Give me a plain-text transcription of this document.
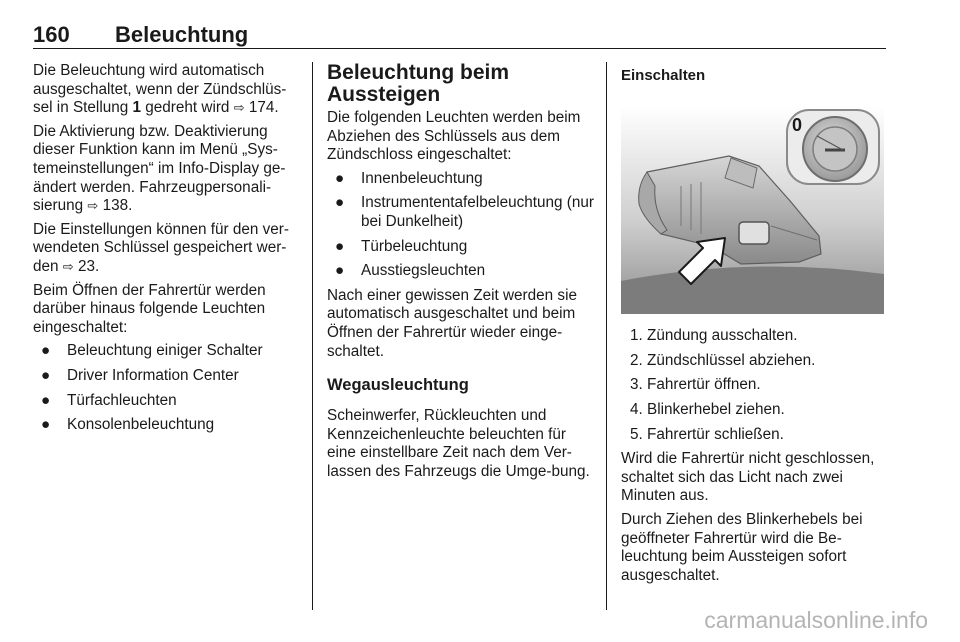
160 Beleuchtung

Die Beleuchtung wird automatisch ausgeschaltet, wenn der Zündschlüs-sel in Stellung 1 gedreht wird ⇨ 174.

Die Aktivierung bzw. Deaktivierung dieser Funktion kann im Menü „Sys-temeinstellungen“ im Info-Display ge-ändert werden. Fahrzeugpersonali-sierung ⇨ 138.

Die Einstellungen können für den ver-wendeten Schlüssel gespeichert wer-den ⇨ 23.

Beim Öffnen der Fahrertür werden darüber hinaus folgende Leuchten eingeschaltet:

● Beleuchtung einiger Schalter
● Driver Information Center
● Türfachleuchten
● Konsolenbeleuchtung
Beleuchtung beim Aussteigen

Die folgenden Leuchten werden beim Abziehen des Schlüssels aus dem Zündschloss eingeschaltet:

● Innenbeleuchtung
● Instrumententafelbeleuchtung (nur bei Dunkelheit)
● Türbeleuchtung
● Ausstiegsleuchten

Nach einer gewissen Zeit werden sie automatisch ausgeschaltet und beim Öffnen der Fahrertür wieder einge-schaltet.

Wegausleuchtung

Scheinwerfer, Rückleuchten und Kennzeichenleuchte beleuchten für eine einstellbare Zeit nach dem Ver-lassen des Fahrzeugs die Umge-bung.

Einschalten
0
1. Zündung ausschalten.
2. Zündschlüssel abziehen.
3. Fahrertür öffnen.
4. Blinkerhebel ziehen.
5. Fahrertür schließen.

Wird die Fahrertür nicht geschlossen, schaltet sich das Licht nach zwei Minuten aus.

Durch Ziehen des Blinkerhebels bei geöffneter Fahrertür wird die Be-leuchtung beim Aussteigen sofort ausgeschaltet.

carmanualsonline.info
